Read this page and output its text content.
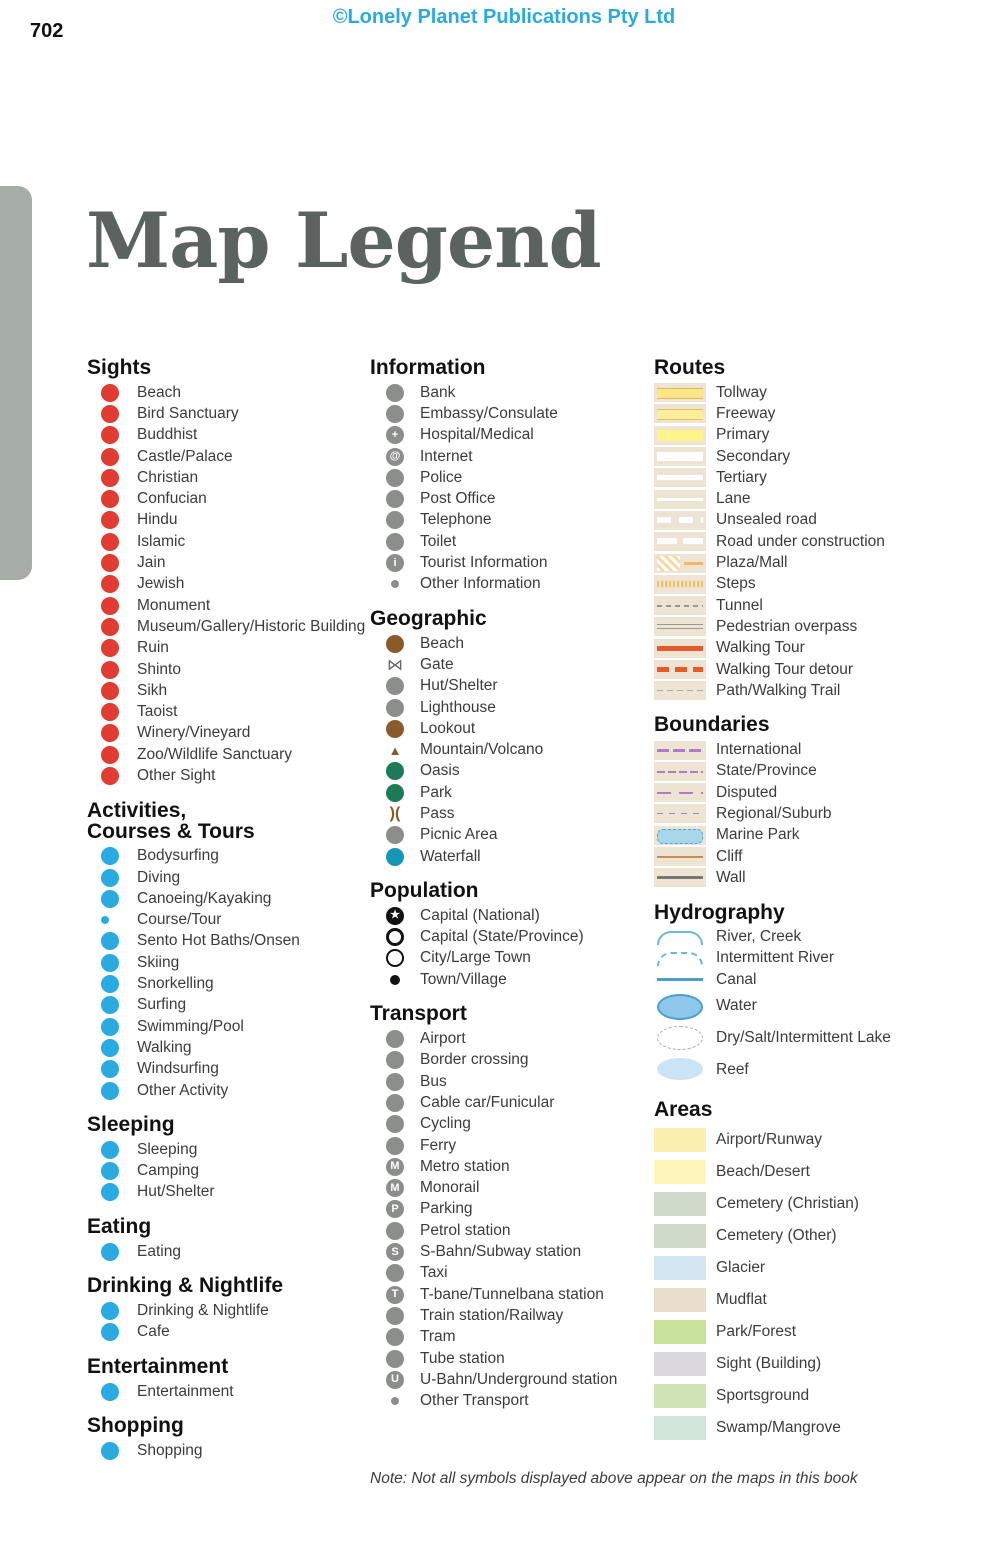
702
©Lonely Planet Publications Pty Ltd
Map Legend
Sights
Beach
Bird Sanctuary
Buddhist
Castle/Palace
Christian
Confucian
Hindu
Islamic
Jain
Jewish
Monument
Museum/Gallery/Historic Building
Ruin
Shinto
Sikh
Taoist
Winery/Vineyard
Zoo/Wildlife Sanctuary
Other Sight
Activities,
Courses & Tours
Bodysurfing
Diving
Canoeing/Kayaking
Course/Tour
Sento Hot Baths/Onsen
Skiing
Snorkelling
Surfing
Swimming/Pool
Walking
Windsurfing
Other Activity
Sleeping
Sleeping
Camping
Hut/Shelter
Eating
Eating
Drinking & Nightlife
Drinking & Nightlife
Cafe
Entertainment
Entertainment
Shopping
Shopping
Information
Bank
Embassy/Consulate
+	Hospital/Medical
@ Internet
Police
Post Office
Telephone
Toilet
i	Tourist Information
Other Information
Geographic
Beach
⋈ Gate
Hut/Shelter
Lighthouse
Lookout
▲ Mountain/Volcano
Oasis
Park
)( Pass
Picnic Area
Waterfall
Population
★ Capital (National)
Capital (State/Province)
City/Large Town
Town/Village
Transport
Airport
Border crossing
Bus
Cable car/Funicular
Cycling
Ferry
M Metro station
M Monorail
P	Parking
Petrol station
S	S-Bahn/Subway station
Taxi
T	T-bane/Tunnelbana station
Train station/Railway
Tram
Tube station
U	U-Bahn/Underground station
Other Transport
Routes
Tollway
Freeway
Primary
Secondary
Tertiary
Lane
Unsealed road
Road under construction
Plaza/Mall
Steps
Tunnel
Pedestrian overpass
Walking Tour
Walking Tour detour
Path/Walking Trail
Boundaries
International
State/Province
Disputed
Regional/Suburb
Marine Park
Cliff
Wall
Hydrography
River, Creek
Intermittent River
Canal
Water
Dry/Salt/Intermittent Lake
Reef
Areas
Airport/Runway
Beach/Desert
Cemetery (Christian)
Cemetery (Other)
Glacier
Mudflat
Park/Forest
Sight (Building)
Sportsground
Swamp/Mangrove
Note: Not all symbols displayed above appear on the maps in this book
